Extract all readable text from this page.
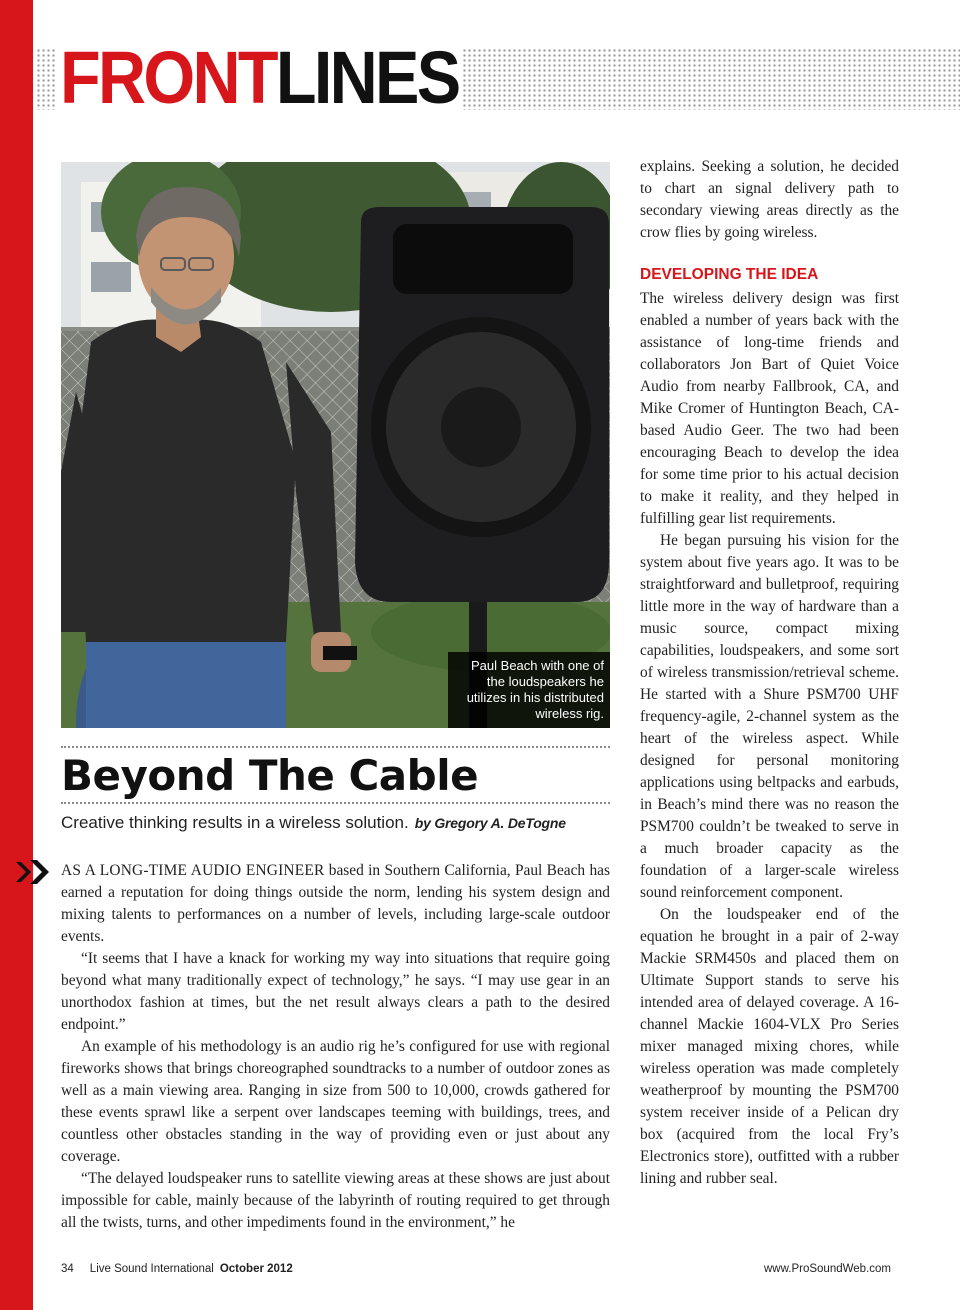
FRONTLINES
Paul Beach with one of the loudspeakers he utilizes in his distributed wireless rig.
Beyond The Cable
Creative thinking results in a wireless solution. by Gregory A. DeTogne

AS A LONG-TIME AUDIO ENGINEER based in Southern California, Paul Beach has earned a reputation for doing things outside the norm, lending his system design and mixing talents to performances on a number of levels, including large-scale outdoor events.

“It seems that I have a knack for working my way into situations that require going beyond what many traditionally expect of technology,” he says. “I may use gear in an unorthodox fashion at times, but the net result always clears a path to the desired endpoint.”

An example of his methodology is an audio rig he’s configured for use with regional fireworks shows that brings choreographed soundtracks to a number of outdoor zones as well as a main viewing area. Ranging in size from 500 to 10,000, crowds gathered for these events sprawl like a serpent over landscapes teeming with buildings, trees, and countless other obstacles standing in the way of providing even or just about any coverage.

“The delayed loudspeaker runs to satellite viewing areas at these shows are just about impossible for cable, mainly because of the labyrinth of routing required to get through all the twists, turns, and other impediments found in the environment,” he

explains. Seeking a solution, he decided to chart an signal delivery path to secondary viewing areas directly as the crow flies by going wireless.

DEVELOPING THE IDEA

The wireless delivery design was first enabled a number of years back with the assistance of long-time friends and collaborators Jon Bart of Quiet Voice Audio from nearby Fallbrook, CA, and Mike Cromer of Huntington Beach, CA-based Audio Geer. The two had been encouraging Beach to develop the idea for some time prior to his actual decision to make it reality, and they helped in fulfilling gear list requirements.

He began pursuing his vision for the system about five years ago. It was to be straightforward and bulletproof, requiring little more in the way of hardware than a music source, compact mixing capabilities, loudspeakers, and some sort of wireless transmission/retrieval scheme. He started with a Shure PSM700 UHF frequency-agile, 2-channel system as the heart of the wireless aspect. While designed for personal monitoring applications using beltpacks and earbuds, in Beach’s mind there was no reason the PSM700 couldn’t be tweaked to serve in a much broader capacity as the foundation of a larger-scale wireless sound reinforcement component.

On the loudspeaker end of the equation he brought in a pair of 2-way Mackie SRM450s and placed them on Ultimate Support stands to serve his intended area of delayed coverage. A 16-channel Mackie 1604-VLX Pro Series mixer managed mixing chores, while wireless operation was made completely weatherproof by mounting the PSM700 system receiver inside of a Pelican dry box (acquired from the local Fry’s Electronics store), outfitted with a rubber lining and rubber seal.

34 Live Sound International October 2012	www.ProSoundWeb.com
